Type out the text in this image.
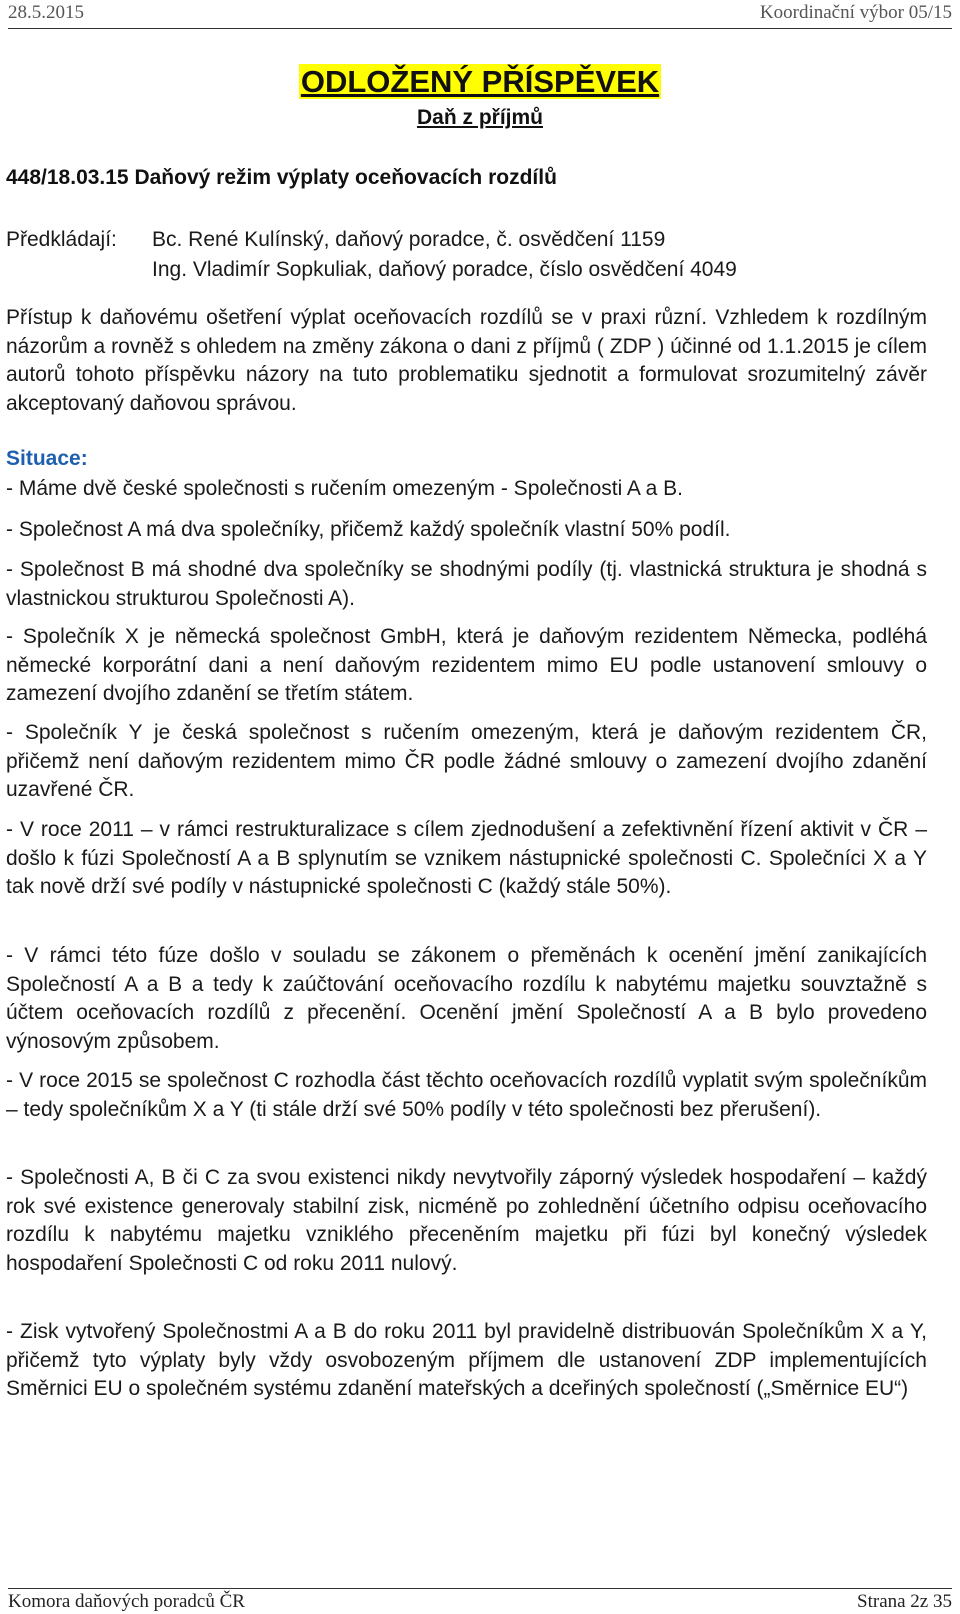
28.5.2015	Koordinační výbor 05/15
ODLOŽENÝ PŘÍSPĚVEK
Daň z příjmů
448/18.03.15 Daňový režim výplaty oceňovacích rozdílů
Předkládají: Bc. René Kulínský, daňový poradce, č. osvědčení 1159
Ing. Vladimír Sopkuliak, daňový poradce, číslo osvědčení 4049

Přístup k daňovému ošetření výplat oceňovacích rozdílů se v praxi různí. Vzhledem k rozdílným názorům a rovněž s ohledem na změny zákona o dani z příjmů ( ZDP ) účinné od 1.1.2015 je cílem autorů tohoto příspěvku názory na tuto problematiku sjednotit a formulovat srozumitelný závěr akceptovaný daňovou správou.

Situace:

- Máme dvě české společnosti s ručením omezeným - Společnosti A a B.

- Společnost A má dva společníky, přičemž každý společník vlastní 50% podíl.

- Společnost B má shodné dva společníky se shodnými podíly (tj. vlastnická struktura je shodná s vlastnickou strukturou Společnosti A).

- Společník X je německá společnost GmbH, která je daňovým rezidentem Německa, podléhá německé korporátní dani a není daňovým rezidentem mimo EU podle ustanovení smlouvy o zamezení dvojího zdanění se třetím státem.

- Společník Y je česká společnost s ručením omezeným, která je daňovým rezidentem ČR, přičemž není daňovým rezidentem mimo ČR podle žádné smlouvy o zamezení dvojího zdanění uzavřené ČR.

- V roce 2011 – v rámci restrukturalizace s cílem zjednodušení a zefektivnění řízení aktivit v ČR – došlo k fúzi Společností A a B splynutím se vznikem nástupnické společnosti C. Společníci X a Y tak nově drží své podíly v nástupnické společnosti C (každý stále 50%).

- V rámci této fúze došlo v souladu se zákonem o přeměnách k ocenění jmění zanikajících Společností A a B a tedy k zaúčtování oceňovacího rozdílu k nabytému majetku souvztažně s účtem oceňovacích rozdílů z přecenění. Ocenění jmění Společností A a B bylo provedeno výnosovým způsobem.

- V roce 2015 se společnost C rozhodla část těchto oceňovacích rozdílů vyplatit svým společníkům – tedy společníkům X a Y (ti stále drží své 50% podíly v této společnosti bez přerušení).

- Společnosti A, B či C za svou existenci nikdy nevytvořily záporný výsledek hospodaření – každý rok své existence generovaly stabilní zisk, nicméně po zohlednění účetního odpisu oceňovacího rozdílu k nabytému majetku vzniklého přeceněním majetku při fúzi byl konečný výsledek hospodaření Společnosti C od roku 2011 nulový.

- Zisk vytvořený Společnostmi A a B do roku 2011 byl pravidelně distribuován Společníkům X a Y, přičemž tyto výplaty byly vždy osvobozeným příjmem dle ustanovení ZDP implementujících Směrnici EU o společném systému zdanění mateřských a dceřiných společností („Směrnice EU“)

Komora daňových poradců ČR	Strana 2z 35
